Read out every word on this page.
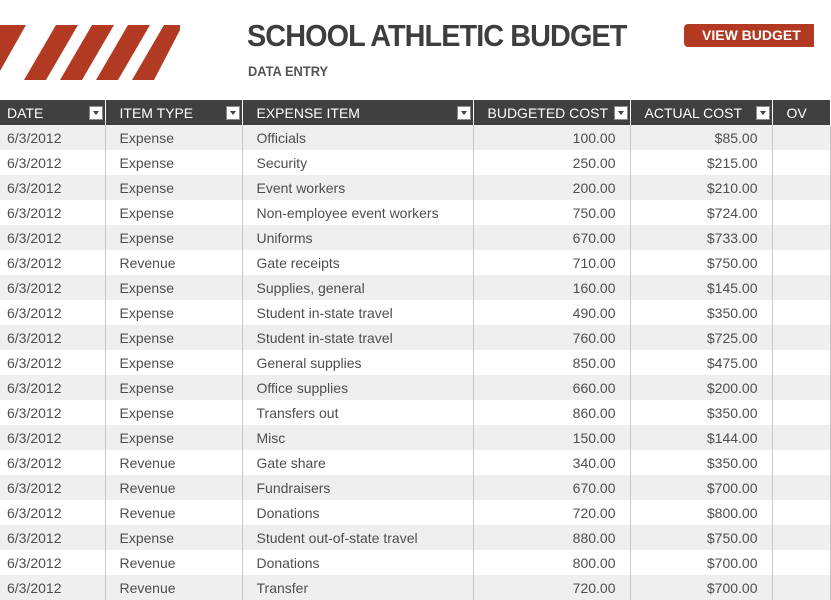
SCHOOL ATHLETIC BUDGET
DATA ENTRY
VIEW BUDGET
DATE	ITEM TYPE	EXPENSE ITEM	BUDGETED COST	ACTUAL COST	OV
6/3/2012	Expense	Officials	100.00	$85.00	
6/3/2012	Expense	Security	250.00	$215.00	
6/3/2012	Expense	Event workers	200.00	$210.00	
6/3/2012	Expense	Non-employee event workers	750.00	$724.00	
6/3/2012	Expense	Uniforms	670.00	$733.00	
6/3/2012	Revenue	Gate receipts	710.00	$750.00	
6/3/2012	Expense	Supplies, general	160.00	$145.00	
6/3/2012	Expense	Student in-state travel	490.00	$350.00	
6/3/2012	Expense	Student in-state travel	760.00	$725.00	
6/3/2012	Expense	General supplies	850.00	$475.00	
6/3/2012	Expense	Office supplies	660.00	$200.00	
6/3/2012	Expense	Transfers out	860.00	$350.00	
6/3/2012	Expense	Misc	150.00	$144.00	
6/3/2012	Revenue	Gate share	340.00	$350.00	
6/3/2012	Revenue	Fundraisers	670.00	$700.00	
6/3/2012	Revenue	Donations	720.00	$800.00	
6/3/2012	Expense	Student out-of-state travel	880.00	$750.00	
6/3/2012	Revenue	Donations	800.00	$700.00	
6/3/2012	Revenue	Transfer	720.00	$700.00	
